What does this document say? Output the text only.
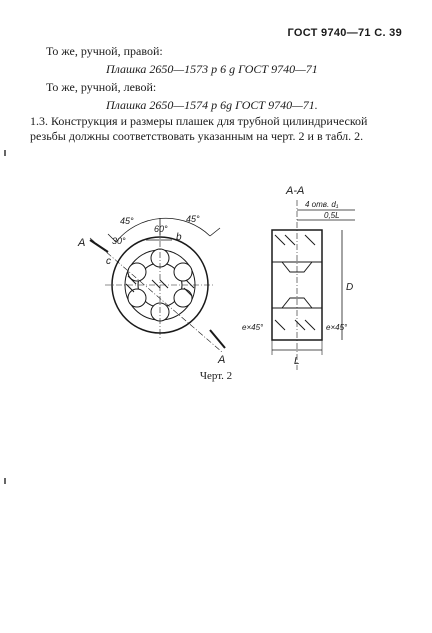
ГОСТ 9740—71 С. 39
То же, ручной, правой:
Плашка 2650—1573 р 6 g ГОСТ 9740—71
То же, ручной, левой:
Плашка 2650—1574 р 6g ГОСТ 9740—71.
1.3. Конструкция и размеры плашек для трубной цилиндрической резьбы должны соответствовать указанным на черт. 2 и в табл. 2.
А
А
45°	45°
30°
60°
b
c
А-А
4 отв. d₁
0,5L
D
e×45°	e×45°
L
Черт. 2
